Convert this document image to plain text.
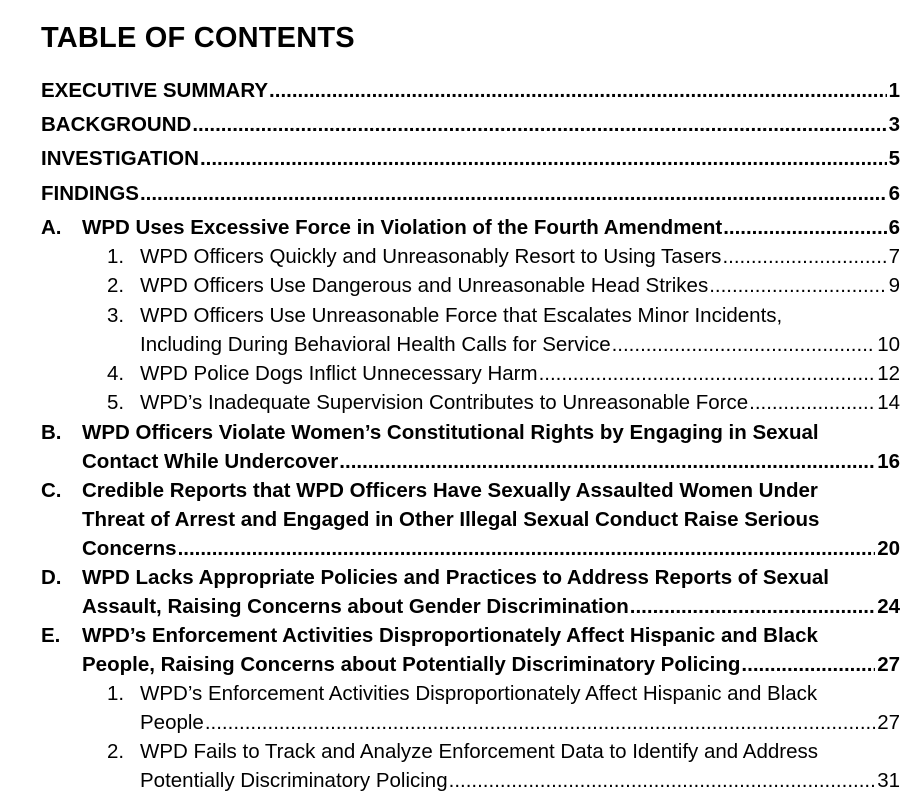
TABLE OF CONTENTS
EXECUTIVE SUMMARY .....	1
BACKGROUND .....	3
INVESTIGATION .....	5
FINDINGS .....	6
A. WPD Uses Excessive Force in Violation of the Fourth Amendment .....	6
1. WPD Officers Quickly and Unreasonably Resort to Using Tasers .....	7
2. WPD Officers Use Dangerous and Unreasonable Head Strikes .....	9
3. WPD Officers Use Unreasonable Force that Escalates Minor Incidents,
Including During Behavioral Health Calls for Service .....	10
4. WPD Police Dogs Inflict Unnecessary Harm .....	12
5. WPD’s Inadequate Supervision Contributes to Unreasonable Force .....	14
B. WPD Officers Violate Women’s Constitutional Rights by Engaging in Sexual
Contact While Undercover .....	16
C. Credible Reports that WPD Officers Have Sexually Assaulted Women Under
Threat of Arrest and Engaged in Other Illegal Sexual Conduct Raise Serious
Concerns .....	20
D. WPD Lacks Appropriate Policies and Practices to Address Reports of Sexual
Assault, Raising Concerns about Gender Discrimination .....	24
E. WPD’s Enforcement Activities Disproportionately Affect Hispanic and Black
People, Raising Concerns about Potentially Discriminatory Policing .....	27
1. WPD’s Enforcement Activities Disproportionately Affect Hispanic and Black
People .....	27
2. WPD Fails to Track and Analyze Enforcement Data to Identify and Address
Potentially Discriminatory Policing .....	31
